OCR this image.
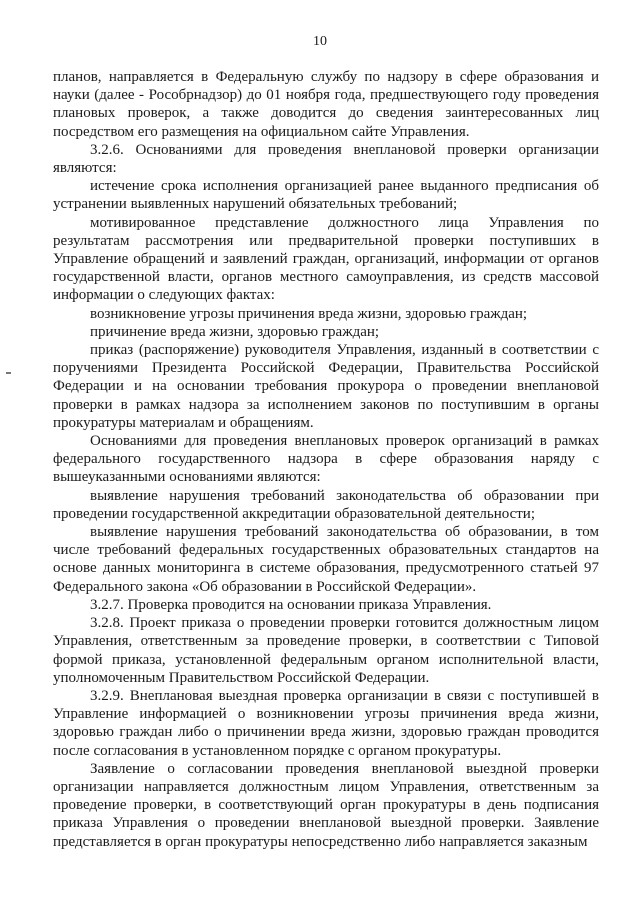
10

планов, направляется в Федеральную службу по надзору в сфере образования и науки (далее - Рособрнадзор) до 01 ноября года, предшествующего году проведения плановых проверок, а также доводится до сведения заинтересованных лиц посредством его размещения на официальном сайте Управления.

3.2.6. Основаниями для проведения внеплановой проверки организации являются:

истечение срока исполнения организацией ранее выданного предписания об устранении выявленных нарушений обязательных требований;

мотивированное представление должностного лица Управления по результатам рассмотрения или предварительной проверки поступивших в Управление обращений и заявлений граждан, организаций, информации от органов государственной власти, органов местного самоуправления, из средств массовой информации о следующих фактах:

возникновение угрозы причинения вреда жизни, здоровью граждан;

причинение вреда жизни, здоровью граждан;

приказ (распоряжение) руководителя Управления, изданный в соответствии с поручениями Президента Российской Федерации, Правительства Российской Федерации и на основании требования прокурора о проведении внеплановой проверки в рамках надзора за исполнением законов по поступившим в органы прокуратуры материалам и обращениям.

Основаниями для проведения внеплановых проверок организаций в рамках федерального государственного надзора в сфере образования наряду с вышеуказанными основаниями являются:

выявление нарушения требований законодательства об образовании при проведении государственной аккредитации образовательной деятельности;

выявление нарушения требований законодательства об образовании, в том числе требований федеральных государственных образовательных стандартов на основе данных мониторинга в системе образования, предусмотренного статьей 97 Федерального закона «Об образовании в Российской Федерации».

3.2.7. Проверка проводится на основании приказа Управления.

3.2.8. Проект приказа о проведении проверки готовится должностным лицом Управления, ответственным за проведение проверки, в соответствии с Типовой формой приказа, установленной федеральным органом исполнительной власти, уполномоченным Правительством Российской Федерации.

3.2.9. Внеплановая выездная проверка организации в связи с поступившей в Управление информацией о возникновении угрозы причинения вреда жизни, здоровью граждан либо о причинении вреда жизни, здоровью граждан проводится после согласования в установленном порядке с органом прокуратуры.

Заявление о согласовании проведения внеплановой выездной проверки организации направляется должностным лицом Управления, ответственным за проведение проверки, в соответствующий орган прокуратуры в день подписания приказа Управления о проведении внеплановой выездной проверки. Заявление представляется в орган прокуратуры непосредственно либо направляется заказным
